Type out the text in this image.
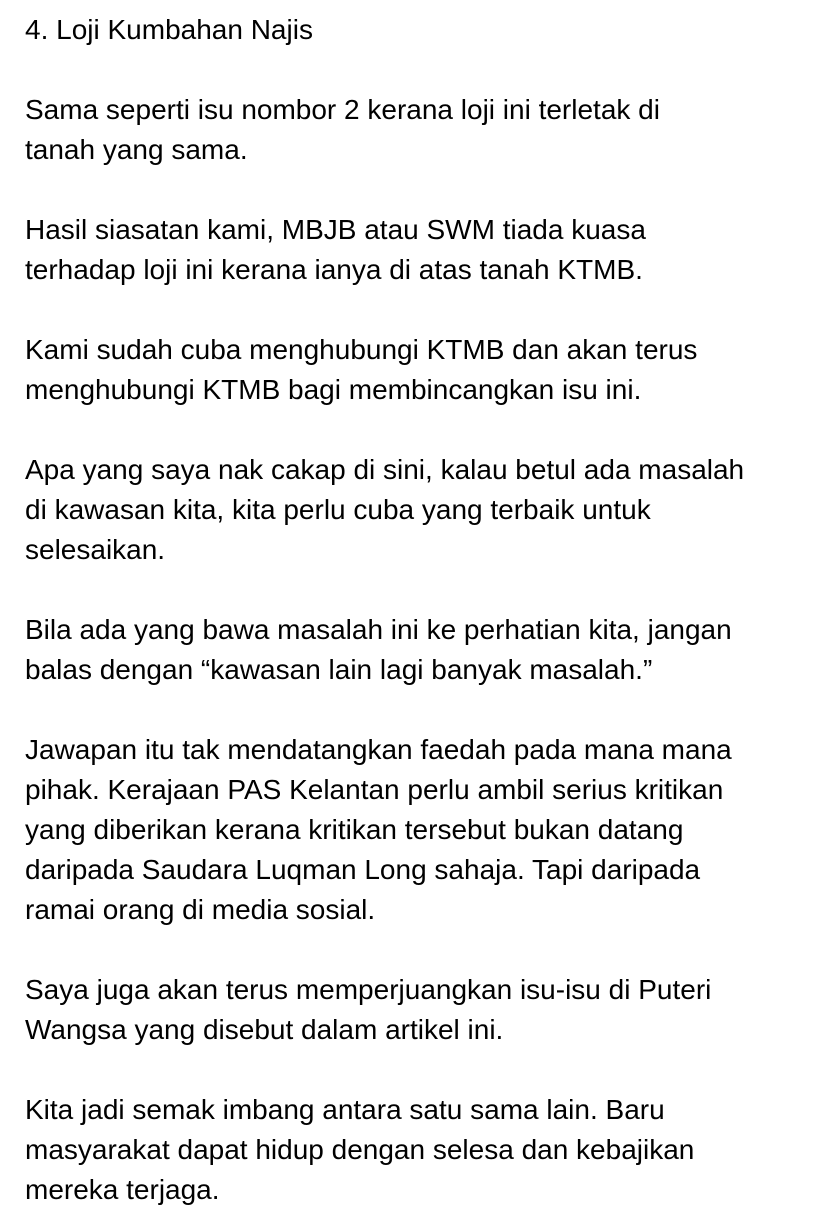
4. Loji Kumbahan Najis
Sama seperti isu nombor 2 kerana loji ini terletak di
tanah yang sama.
Hasil siasatan kami, MBJB atau SWM tiada kuasa
terhadap loji ini kerana ianya di atas tanah KTMB.
Kami sudah cuba menghubungi KTMB dan akan terus
menghubungi KTMB bagi membincangkan isu ini.
Apa yang saya nak cakap di sini, kalau betul ada masalah
di kawasan kita, kita perlu cuba yang terbaik untuk
selesaikan.
Bila ada yang bawa masalah ini ke perhatian kita, jangan
balas dengan “kawasan lain lagi banyak masalah.”
Jawapan itu tak mendatangkan faedah pada mana mana
pihak. Kerajaan PAS Kelantan perlu ambil serius kritikan
yang diberikan kerana kritikan tersebut bukan datang
daripada Saudara Luqman Long sahaja. Tapi daripada
ramai orang di media sosial.
Saya juga akan terus memperjuangkan isu-isu di Puteri
Wangsa yang disebut dalam artikel ini.
Kita jadi semak imbang antara satu sama lain. Baru
masyarakat dapat hidup dengan selesa dan kebajikan
mereka terjaga.
